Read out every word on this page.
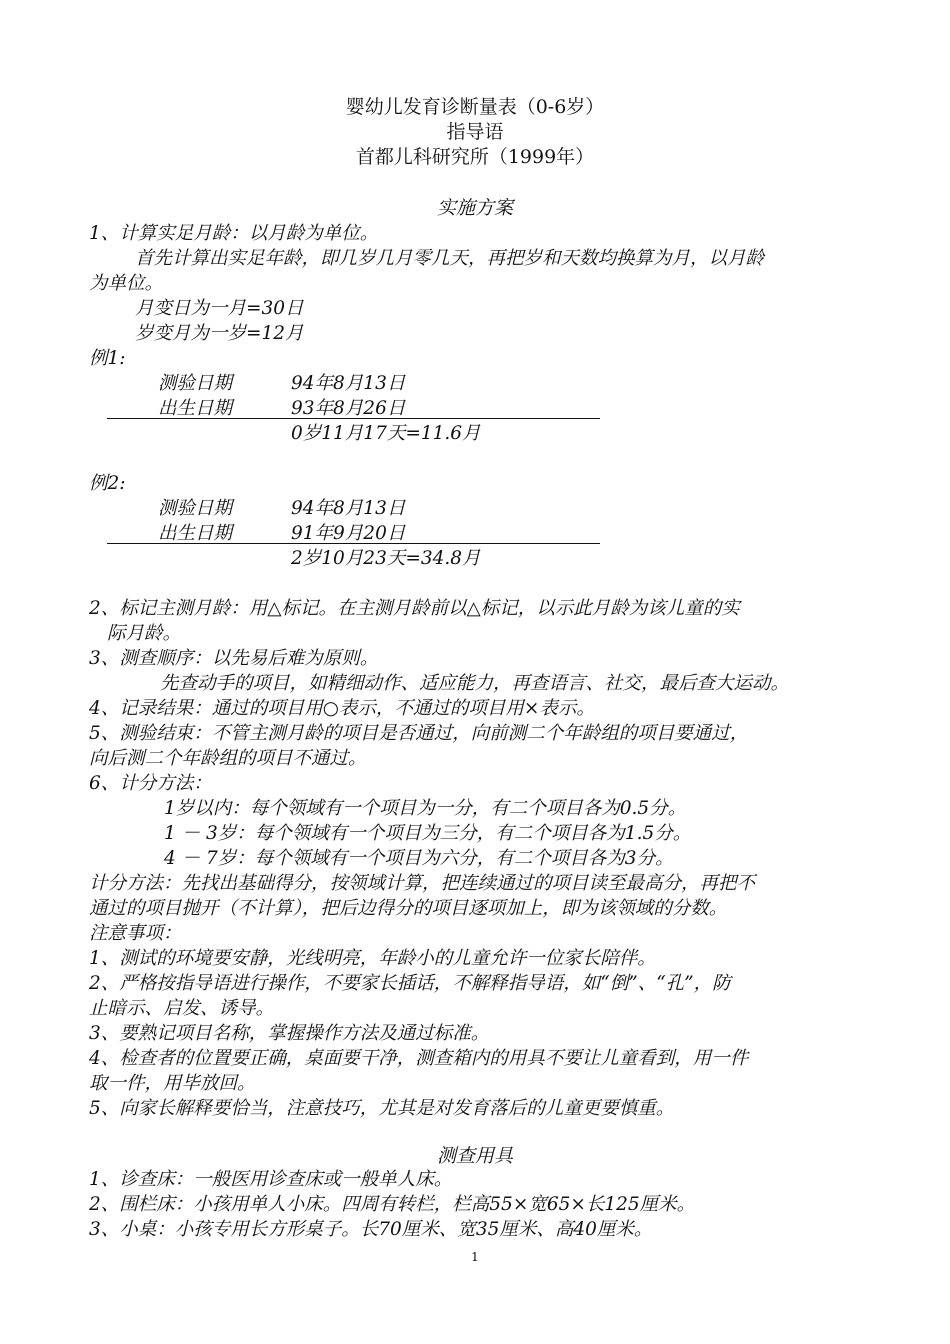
婴幼儿发育诊断量表（0-6岁）
指导语
首都儿科研究所（1999年）
实施方案
1、计算实足月龄：以月龄为单位。
首先计算出实足年龄，即几岁几月零几天，再把岁和天数均换算为月，以月龄
为单位。
月变日为一月=30日
岁变月为一岁=12月
例1:
测验日期	94年8月13日
出生日期	93年8月26日
0岁11月17天=11.6月
例2:
测验日期	94年8月13日
出生日期	91年9月20日
2岁10月23天=34.8月
2、标记主测月龄：用△标记。在主测月龄前以△标记，以示此月龄为该儿童的实
际月龄。
3、测查顺序：以先易后难为原则。
先查动手的项目，如精细动作、适应能力，再查语言、社交，最后查大运动。
4、记录结果：通过的项目用○表示，不通过的项目用×表示。
5、测验结束：不管主测月龄的项目是否通过，向前测二个年龄组的项目要通过，
向后测二个年龄组的项目不通过。
6、计分方法：
1岁以内：每个领域有一个项目为一分，有二个项目各为0.5分。
1 － 3岁：每个领域有一个项目为三分，有二个项目各为1.5分。
4 － 7岁：每个领域有一个项目为六分，有二个项目各为3分。
计分方法：先找出基础得分，按领域计算，把连续通过的项目读至最高分，再把不
通过的项目抛开（不计算），把后边得分的项目逐项加上，即为该领域的分数。
注意事项：
1、测试的环境要安静，光线明亮，年龄小的儿童允许一位家长陪伴。
2、严格按指导语进行操作，不要家长插话，不解释指导语，如“倒”、“孔”，防
止暗示、启发、诱导。
3、要熟记项目名称，掌握操作方法及通过标准。
4、检查者的位置要正确，桌面要干净，测查箱内的用具不要让儿童看到，用一件
取一件，用毕放回。
5、向家长解释要恰当，注意技巧，尤其是对发育落后的儿童更要慎重。
测查用具
1、诊查床：一般医用诊查床或一般单人床。
2、围栏床：小孩用单人小床。四周有转栏，栏高55×宽65×长125厘米。
3、小桌：小孩专用长方形桌子。长70厘米、宽35厘米、高40厘米。
1
